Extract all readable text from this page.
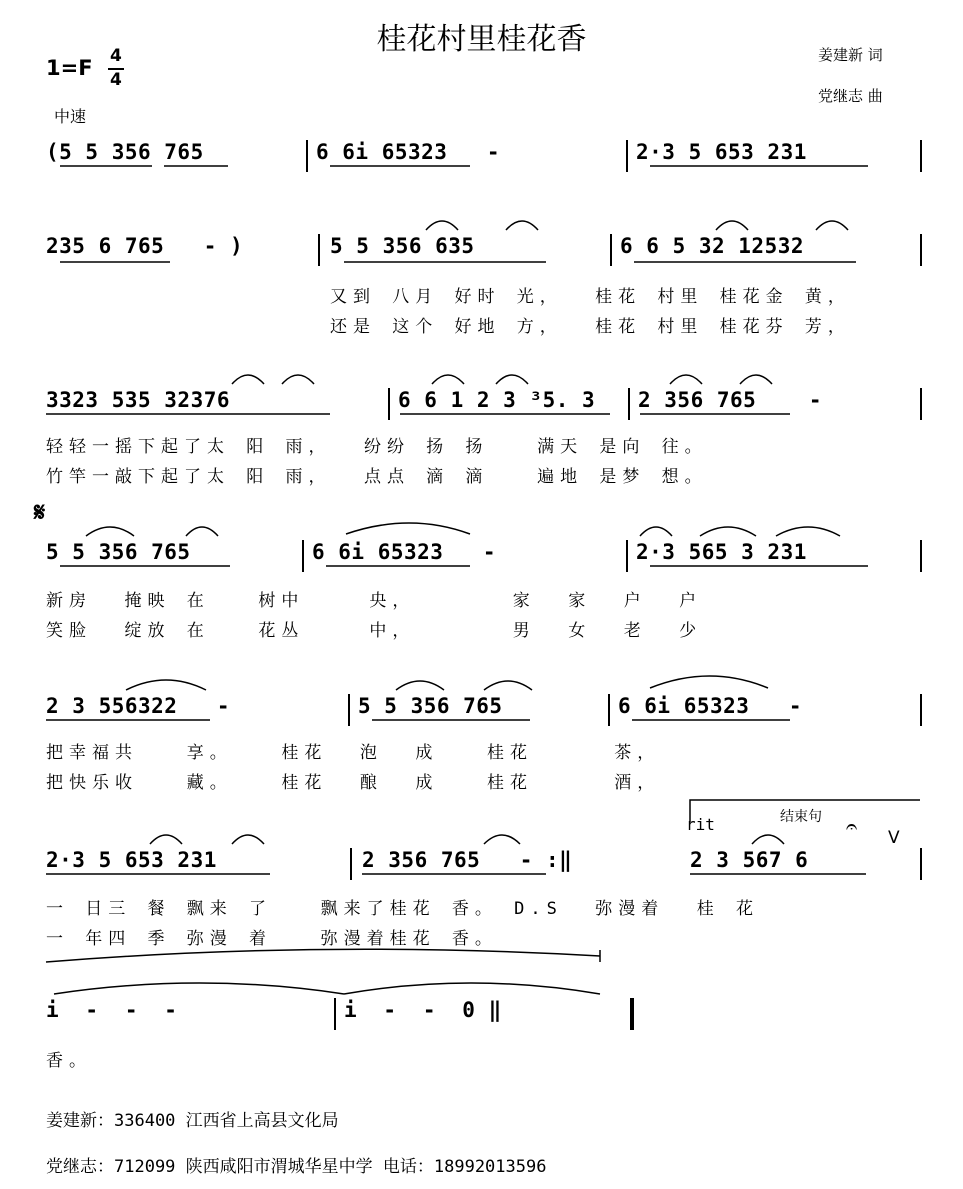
桂花村里桂花香	姜建新 词
党继志 曲
1=F 4
4
中速
(5 5 356 765	6 6i 65323   -	2·3 5 653 231
235 6 765   - )	5 5 356 635	6 6 5 32 12532
又到 八月 好时 光，  桂花 村里 桂花金 黄，
还是 这个 好地 方，  桂花 村里 桂花芬 芳，
3323 535 32376	6 6 1 2 3 ³5. 3 2 356 765    -
轻轻一摇下起了太 阳 雨，  纷纷 扬 扬   满天 是向 往。
竹竿一敲下起了太 阳 雨，  点点 滴 滴   遍地 是梦 想。
𝄋
5 5 356 765	6 6i 65323   -	2·3 565 3 231
新房  掩映 在   树中    央，      家  家  户  户
笑脸  绽放 在   花丛    中，      男  女  老  少
2 3 556322   -	5 5 356 765	6 6i 65323   -
把幸福共   享。   桂花  泡  成   桂花     茶，
把快乐收   藏。   桂花  酿  成   桂花     酒，
rit	结束句
V
2·3 5 653 231	2 356 765   - :‖	2 3 567 6
一 日三 餐 飘来 了   飘来了桂花 香。 D.S  弥漫着  桂 花
一 年四 季 弥漫 着   弥漫着桂花 香。
i  -  -  -	i  -  -  0 ‖
香。
姜建新：336400 江西省上高县文化局
党继志：712099 陕西咸阳市渭城华星中学 电话：18992013596
𝄐
